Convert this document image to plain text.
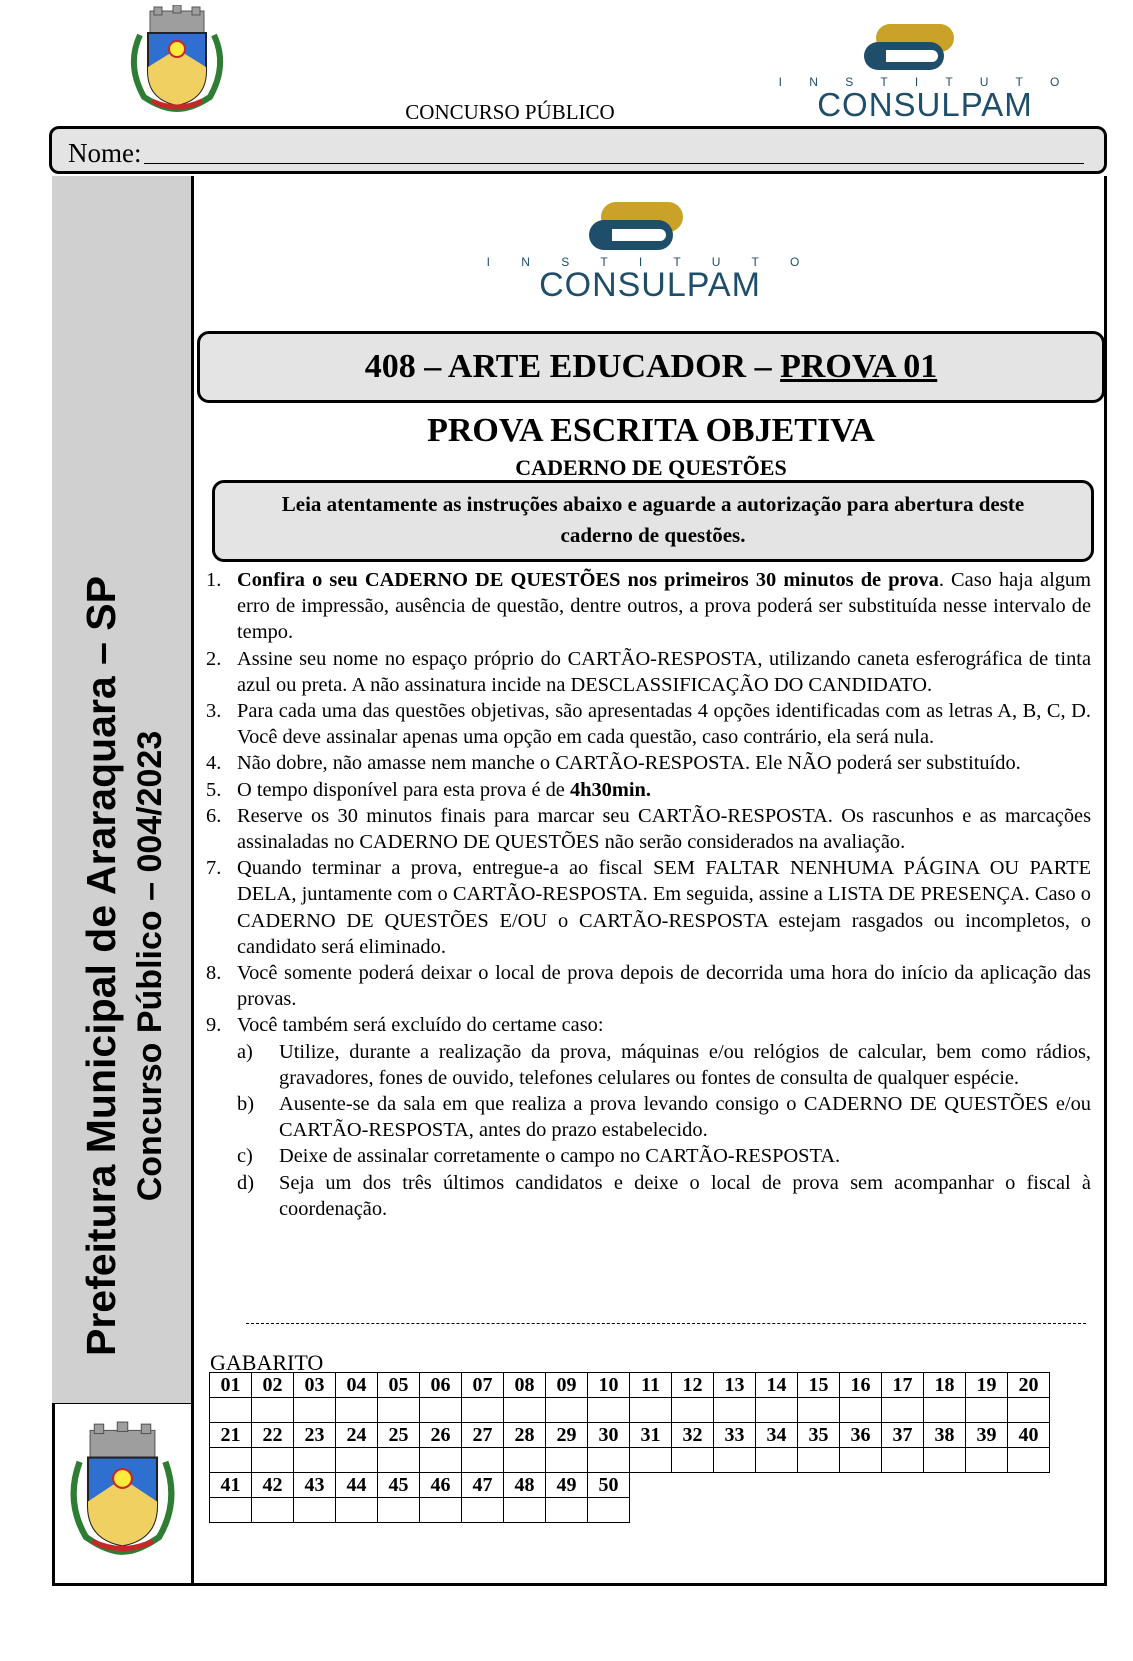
CONCURSO PÚBLICO
I N S T I T U T O
CONSULPAM
Nome:
Prefeitura Municipal de Araraquara – SP Concurso Público – 004/2023
I N S T I T U T O
CONSULPAM
408 – ARTE EDUCADOR – PROVA 01
PROVA ESCRITA OBJETIVA
CADERNO DE QUESTÕES
Leia atentamente as instruções abaixo e aguarde a autorização para abertura deste caderno de questões.
1. Confira o seu CADERNO DE QUESTÕES nos primeiros 30 minutos de prova. Caso haja algum erro de impressão, ausência de questão, dentre outros, a prova poderá ser substituída nesse intervalo de tempo.
2. Assine seu nome no espaço próprio do CARTÃO-RESPOSTA, utilizando caneta esferográfica de tinta azul ou preta. A não assinatura incide na DESCLASSIFICAÇÃO DO CANDIDATO.
3. Para cada uma das questões objetivas, são apresentadas 4 opções identificadas com as letras A, B, C, D. Você deve assinalar apenas uma opção em cada questão, caso contrário, ela será nula.
4. Não dobre, não amasse nem manche o CARTÃO-RESPOSTA. Ele NÃO poderá ser substituído.
5. O tempo disponível para esta prova é de 4h30min.
6. Reserve os 30 minutos finais para marcar seu CARTÃO-RESPOSTA. Os rascunhos e as marcações assinaladas no CADERNO DE QUESTÕES não serão considerados na avaliação.
7. Quando terminar a prova, entregue-a ao fiscal SEM FALTAR NENHUMA PÁGINA OU PARTE DELA, juntamente com o CARTÃO-RESPOSTA. Em seguida, assine a LISTA DE PRESENÇA. Caso o CADERNO DE QUESTÕES E/OU o CARTÃO-RESPOSTA estejam rasgados ou incompletos, o candidato será eliminado.
8. Você somente poderá deixar o local de prova depois de decorrida uma hora do início da aplicação das provas.
9. Você também será excluído do certame caso:
a)	Utilize, durante a realização da prova, máquinas e/ou relógios de calcular, bem como rádios, gravadores, fones de ouvido, telefones celulares ou fontes de consulta de qualquer espécie.
b)	Ausente-se da sala em que realiza a prova levando consigo o CADERNO DE QUESTÕES e/ou CARTÃO-RESPOSTA, antes do prazo estabelecido.
c)	Deixe de assinalar corretamente o campo no CARTÃO-RESPOSTA.
d)	Seja um dos três últimos candidatos e deixe o local de prova sem acompanhar o fiscal à coordenação.
GABARITO
01	02	03	04	05	06	07	08	09	10	11	12	13	14	15	16	17	18	19	20

21	22	23	24	25	26	27	28	29	30	31	32	33	34	35	36	37	38	39	40

41	42	43	44	45	46	47	48	49	50										
